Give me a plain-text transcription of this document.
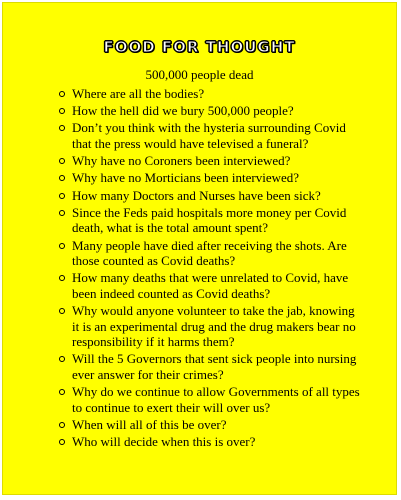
FOOD FOR THOUGHT
500,000 people dead
Where are all the bodies?
How the hell did we bury 500,000 people?
Don’t you think with the hysteria surrounding Covid that the press would have televised a funeral?
Why have no Coroners been interviewed?
Why have no Morticians been interviewed?
How many Doctors and Nurses have been sick?
Since the Feds paid hospitals more money per Covid death, what is the total amount spent?
Many people have died after receiving the shots. Are those counted as Covid deaths?
How many deaths that were unrelated to Covid, have been indeed counted as Covid deaths?
Why would anyone volunteer to take the jab, knowing it is an experimental drug and the drug makers bear no responsibility if it harms them?
Will the 5 Governors that sent sick people into nursing ever answer for their crimes?
Why do we continue to allow Governments of all types to continue to exert their will over us?
When will all of this be over?
Who will decide when this is over?
